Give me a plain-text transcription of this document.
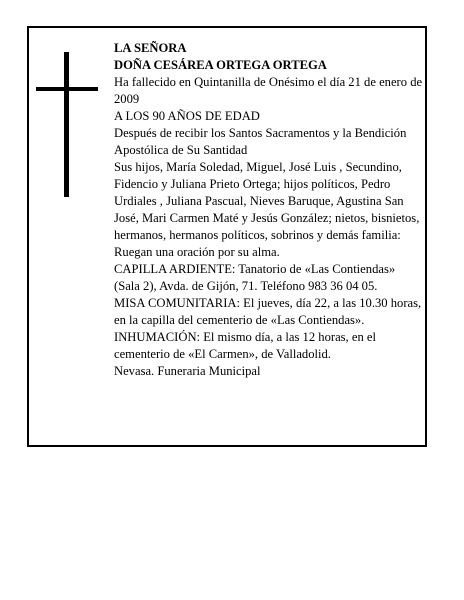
LA SEÑORA

DOÑA CESÁREA ORTEGA ORTEGA

Ha fallecido en Quintanilla de Onésimo el día 21 de enero de 2009

A LOS 90 AÑOS DE EDAD

Después de recibir los Santos Sacramentos y la Bendición Apostólica de Su Santidad

Sus hijos, María Soledad, Miguel, José Luis , Secundino, Fidencio y Juliana Prieto Ortega; hijos políticos, Pedro Urdiales , Juliana Pascual, Nieves Baruque, Agustina San José, Mari Carmen Maté y Jesús González; nietos, bisnietos, hermanos, hermanos políticos, sobrinos y demás familia:

Ruegan una oración por su alma.

CAPILLA ARDIENTE: Tanatorio de «Las Contiendas» (Sala 2), Avda. de Gijón, 71. Teléfono 983 36 04 05.

MISA COMUNITARIA: El jueves, día 22, a las 10.30 horas, en la capilla del cementerio de «Las Contiendas».

INHUMACIÓN: El mismo día, a las 12 horas, en el cementerio de «El Carmen», de Valladolid.

Nevasa. Funeraria Municipal
